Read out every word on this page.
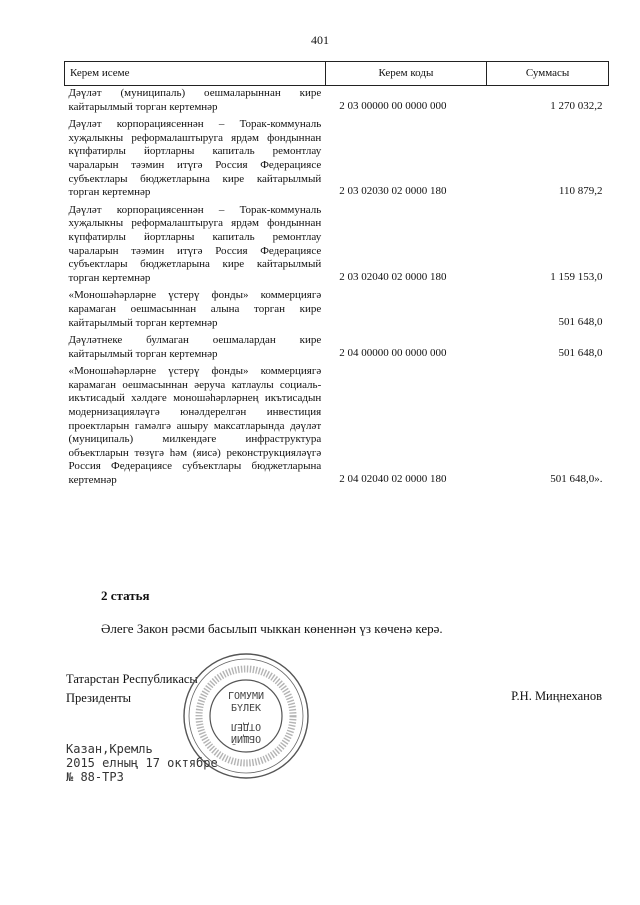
401
Керем исеме	Керем коды	Суммасы
Дәүләт (муниципаль) оешмаларыннан кире кайтарылмый торган кертемнәр	2 03 00000 00 0000 000	1 270 032,2
Дәүләт корпорациясеннән – Торак-коммуналь хуҗалыкны реформалаштыруга ярдәм фондыннан күпфатирлы йортларны капиталь ремонтлау чараларын тәэмин итүгә Россия Федерациясе субъектлары бюджетларына кире кайтарылмый торган кертемнәр	2 03 02030 02 0000 180	110 879,2
Дәүләт корпорациясеннән – Торак-коммуналь хуҗалыкны реформалаштыруга ярдәм фондыннан күпфатирлы йортларны капиталь ремонтлау чараларын тәэмин итүгә Россия Федерациясе субъектлары бюджетларына кире кайтарылмый торган кертемнәр	2 03 02040 02 0000 180	1 159 153,0
«Моношәһәрләрне үстерү фонды» коммерциягә карамаган оешмасыннан алына торган кире кайтарылмый торган кертемнәр		501 648,0
Дәүләтнеке булмаган оешмалардан кире кайтарылмый торган кертемнәр	2 04 00000 00 0000 000	501 648,0
«Моношәһәрләрне үстерү фонды» коммерциягә карамаган оешмасыннан әеруча катлаулы социаль-икътисадый хәлдәге моношәһәрләрнең икътисадын модернизацияләүгә юнәлдерелгән инвестиция проектларын гамәлгә ашыру максатларында дәүләт (муниципаль) милкендәге инфраструктура объектларын төзүгә һәм (яисә) реконструкцияләүгә Россия Федерациясе субъектлары бюджетларына кертемнәр	2 04 02040 02 0000 180	501 648,0».
2 статья
Әлеге Закон рәсми басылып чыккан көненнән үз көченә керә.
Татарстан Республикасы
Президенты	Р.Н. Миңнеханов
ГОМУМИ
БҮЛЕК
ОТДЕЛ
ОБЩИЙ
Казан,Кремль
2015 елның 17 октябре
№ 88-ТРЗ
